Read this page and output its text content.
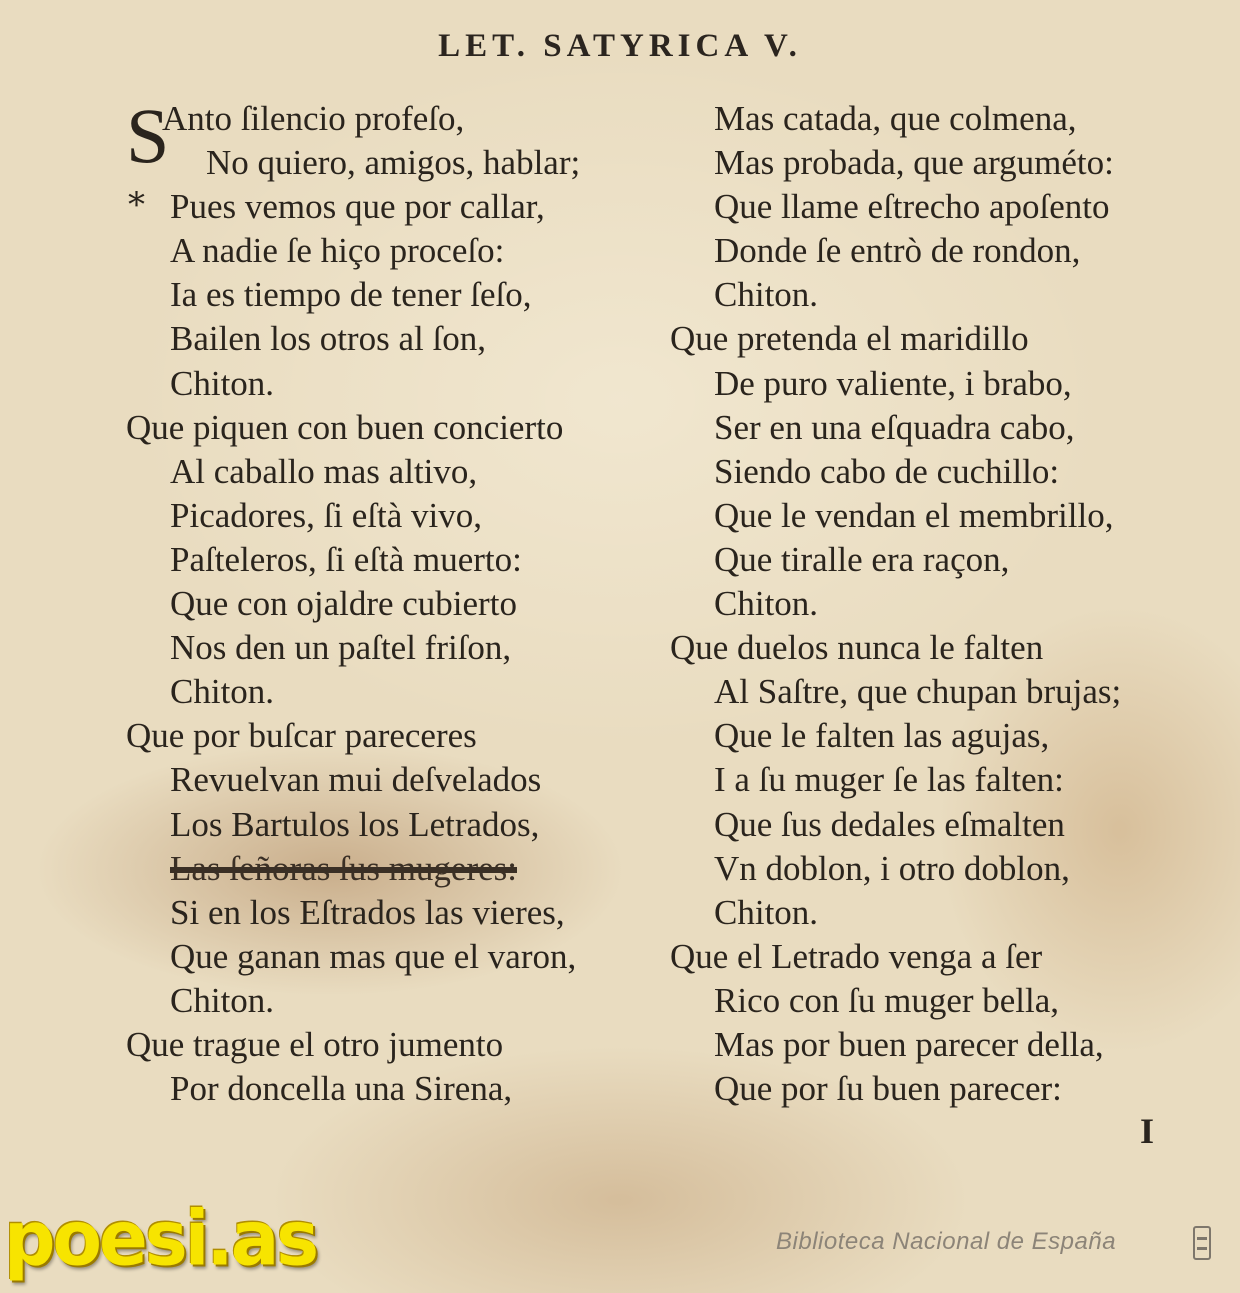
LET. SATYRICA V.
S
*
Anto ſilencio profeſo,
No quiero, amigos, hablar;
Pues vemos que por callar,
A nadie ſe hiço proceſo:
Ia es tiempo de tener ſeſo,
Bailen los otros al ſon,
Chiton.
Que piquen con buen concierto
Al caballo mas altivo,
Picadores, ſi eſtà vivo,
Paſteleros, ſi eſtà muerto:
Que con ojaldre cubierto
Nos den un paſtel friſon,
Chiton.
Que por buſcar pareceres
Revuelvan mui deſvelados
Los Bartulos los Letrados,
Las ſeñoras ſus mugeres:
Si en los Eſtrados las vieres,
Que ganan mas que el varon,
Chiton.
Que trague el otro jumento
Por doncella una Sirena,
Mas catada, que colmena,
Mas probada, que arguméto:
Que llame eſtrecho apoſento
Donde ſe entrò de rondon,
Chiton.
Que pretenda el maridillo
De puro valiente, i brabo,
Ser en una eſquadra cabo,
Siendo cabo de cuchillo:
Que le vendan el membrillo,
Que tiralle era raçon,
Chiton.
Que duelos nunca le falten
Al Saſtre, que chupan brujas;
Que le falten las agujas,
I a ſu muger ſe las falten:
Que ſus dedales eſmalten
Vn doblon, i otro doblon,
Chiton.
Que el Letrado venga a ſer
Rico con ſu muger bella,
Mas por buen parecer della,
Que por ſu buen parecer:
I
Biblioteca Nacional de España
poesi.as
